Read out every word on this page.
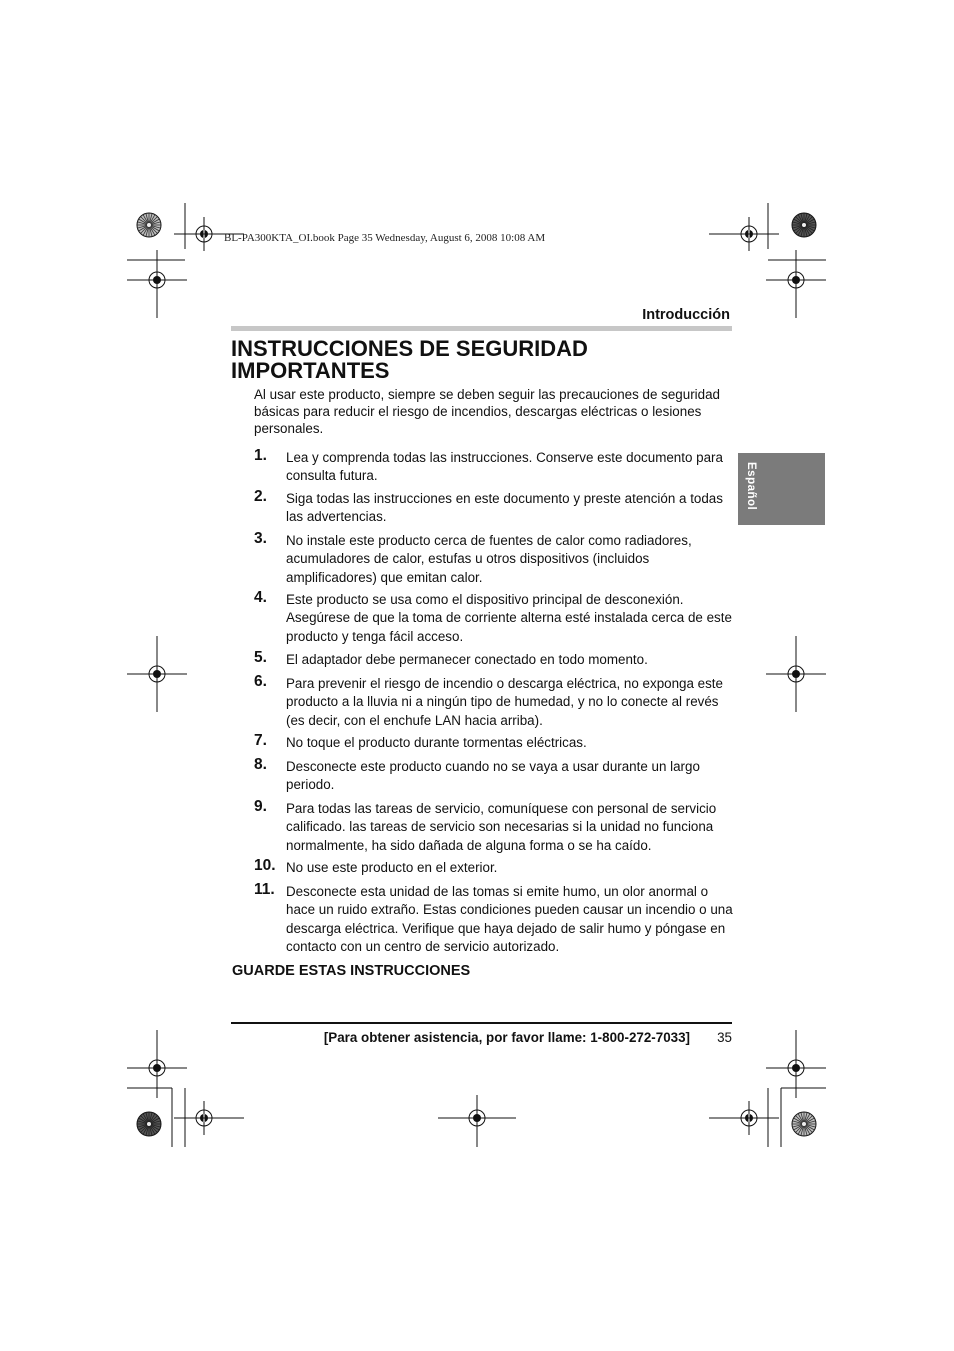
BL-PA300KTA_OI.book Page 35 Wednesday, August 6, 2008 10:08 AM
Introducción
INSTRUCCIONES DE SEGURIDAD IMPORTANTES

Al usar este producto, siempre se deben seguir las precauciones de seguridad básicas para reducir el riesgo de incendios, descargas eléctricas o lesiones personales.

1. Lea y comprenda todas las instrucciones. Conserve este documento para consulta futura.
2. Siga todas las instrucciones en este documento y preste atención a todas las advertencias.
3. No instale este producto cerca de fuentes de calor como radiadores, acumuladores de calor, estufas u otros dispositivos (incluidos amplificadores) que emitan calor.
4. Este producto se usa como el dispositivo principal de desconexión. Asegúrese de que la toma de corriente alterna esté instalada cerca de este producto y tenga fácil acceso.
5. El adaptador debe permanecer conectado en todo momento.
6. Para prevenir el riesgo de incendio o descarga eléctrica, no exponga este producto a la lluvia ni a ningún tipo de humedad, y no lo conecte al revés (es decir, con el enchufe LAN hacia arriba).
7. No toque el producto durante tormentas eléctricas.
8. Desconecte este producto cuando no se vaya a usar durante un largo periodo.
9. Para todas las tareas de servicio, comuníquese con personal de servicio calificado. las tareas de servicio son necesarias si la unidad no funciona normalmente, ha sido dañada de alguna forma o se ha caído.
10. No use este producto en el exterior.
11. Desconecte esta unidad de las tomas si emite humo, un olor anormal o hace un ruido extraño. Estas condiciones pueden causar un incendio o una descarga eléctrica. Verifique que haya dejado de salir humo y póngase en contacto con un centro de servicio autorizado.
GUARDE ESTAS INSTRUCCIONES
[Para obtener asistencia, por favor llame: 1-800-272-7033]	35
Español
